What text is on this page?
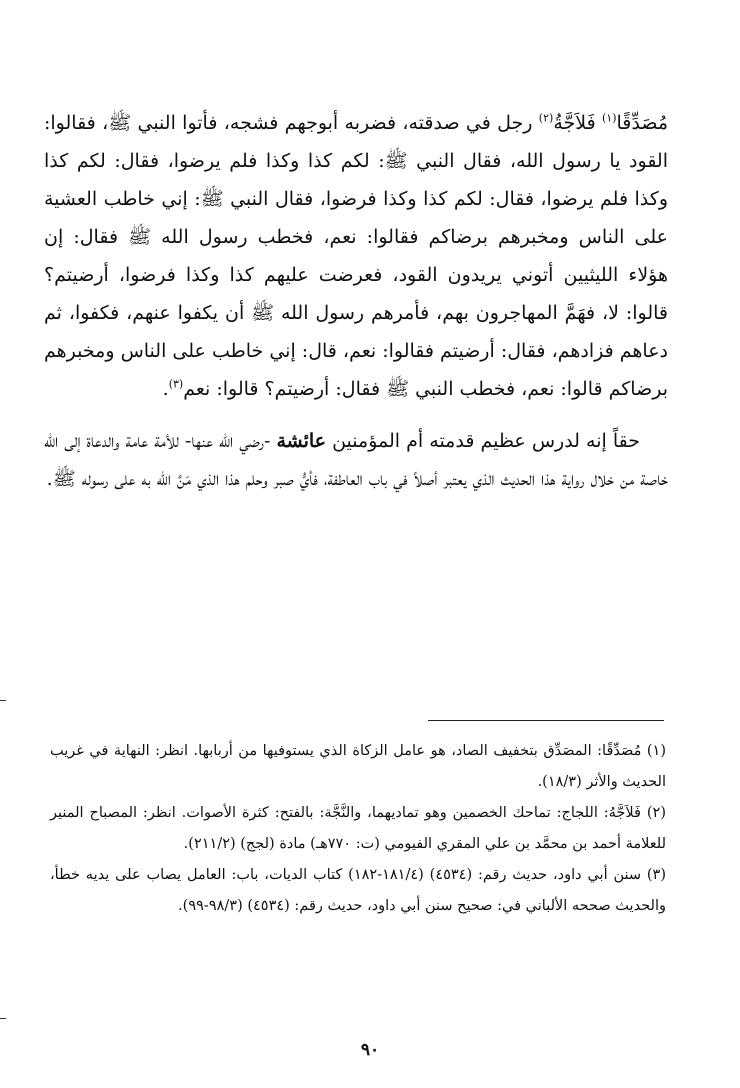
مُصَدِّقًا$^{(١)}$ فَلاَجَّةُ$^{(٢)}$ رجل في صدقته، فضربه أبوجهم فشجه، فأتوا النبي ﷺ، فقالوا: القود يا رسول الله، فقال النبي ﷺ: لكم كذا وكذا فلم يرضوا، فقال: لكم كذا وكذا فلم يرضوا، فقال: لكم كذا وكذا فرضوا، فقال النبي ﷺ: إني خاطب العشية على الناس ومخبرهم برضاكم فقالوا: نعم، فخطب رسول الله ﷺ فقال: إن هؤلاء الليثيين أتوني يريدون القود، فعرضت عليهم كذا وكذا فرضوا، أرضيتم؟ قالوا: لا، فهَمَّ المهاجرون بهم، فأمرهم رسول الله ﷺ أن يكفوا عنهم، فكفوا، ثم دعاهم فزادهم، فقال: أرضيتم فقالوا: نعم، قال: إني خاطب على الناس ومخبرهم برضاكم قالوا: نعم، فخطب النبي ﷺ فقال: أرضيتم؟ قالوا: نعم$^{(٣)}$.

حقاً إنه لدرس عظيم قدمته أم المؤمنين عائشة -رضي الله عنها- للأمة عامة والدعاة إلى الله خاصة من خلال رواية هذا الحديث الذي يعتبر أصلاً في باب العاطفة، فأيُّ صبر وحلم هذا الذي مَنَّ الله به على رسوله ﷺ.

(١) مُصَدِّقًا: المصَدِّق بتخفيف الصاد، هو عامل الزكاة الذي يستوفيها من أربابها. انظر: النهاية في غريب الحديث والأثر (١٨/٣).

(٢) فَلاَجَّهُ: اللجاج: تماحك الخصمين وهو تماديهما، والنَّجَّة: بالفتح: كثرة الأصوات. انظر: المصباح المنير للعلامة أحمد بن محمَّد بن علي المقري الفيومي (ت: ٧٧٠هـ) مادة (لجج) (٢١١/٢).

(٣) سنن أبي داود، حديث رقم: (٤٥٣٤) (١٨١/٤-١٨٢) كتاب الديات، باب: العامل يصاب على يديه خطأ، والحديث صححه الألباني في: صحيح سنن أبي داود، حديث رقم: (٤٥٣٤) (٩٨/٣-٩٩).

٩٠
